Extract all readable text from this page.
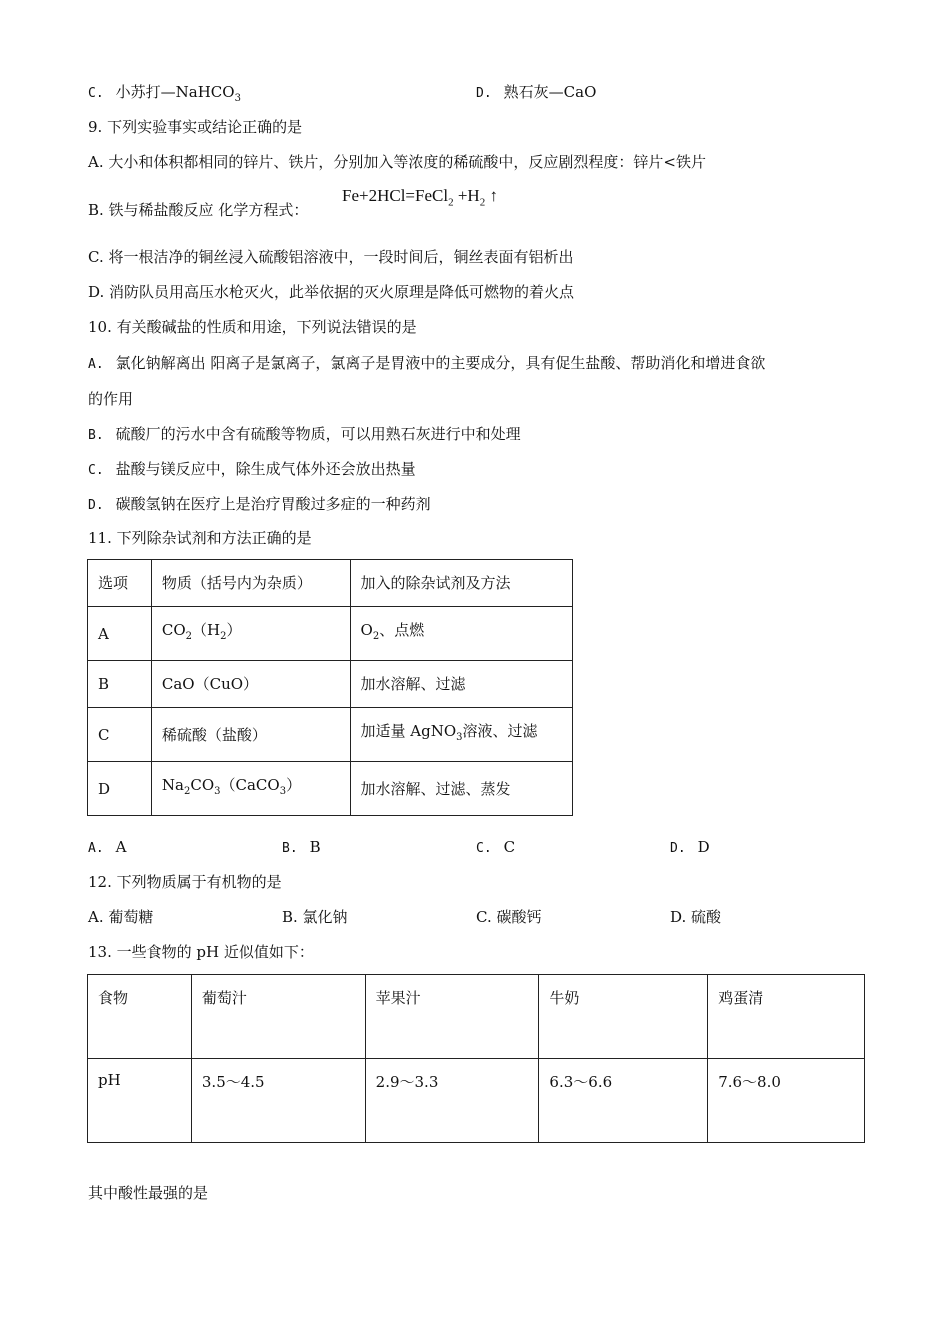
C. 小苏打—NaHCO$_3$	D. 熟石灰—CaO
9. 下列实验事实或结论正确的是
A. 大小和体积都相同的锌片、铁片，分别加入等浓度的稀硫酸中，反应剧烈程度：锌片<铁片
B. 铁与稀盐酸反应 化学方程式：
Fe+2HCl=FeCl$_2$ $+H_2$ ↑
C. 将一根洁净的铜丝浸入硫酸铝溶液中，一段时间后，铜丝表面有铝析出
D. 消防队员用高压水枪灭火，此举依据的灭火原理是降低可燃物的着火点
10. 有关酸碱盐的性质和用途，下列说法错误的是
A. 氯化钠解离出 阳离子是氯离子，氯离子是胃液中的主要成分，具有促生盐酸、帮助消化和增进食欲
的作用
B. 硫酸厂的污水中含有硫酸等物质，可以用熟石灰进行中和处理
C. 盐酸与镁反应中，除生成气体外还会放出热量
D. 碳酸氢钠在医疗上是治疗胃酸过多症的一种药剂
11. 下列除杂试剂和方法正确的是
选项	物质（括号内为杂质）	加入的除杂试剂及方法
A	$CO_2(H_2)$	$O_2$、点燃
B	CaO（CuO）	加水溶解、过滤
C	稀硫酸（盐酸）	加适量 AgNO$_3$溶液、过滤
D	$Na_2CO_3(CaCO_3)$	加水溶解、过滤、蒸发
A. A	B. B	C. C	D. D
12. 下列物质属于有机物的是
A. 葡萄糖	B. 氯化钠	C. 碳酸钙	D. 硫酸
13. 一些食物的 pH 近似值如下：
食物	葡萄汁	苹果汁	牛奶	鸡蛋清
pH	3.5～4.5	2.9～3.3	6.3～6.6	7.6～8.0
其中酸性最强的是
